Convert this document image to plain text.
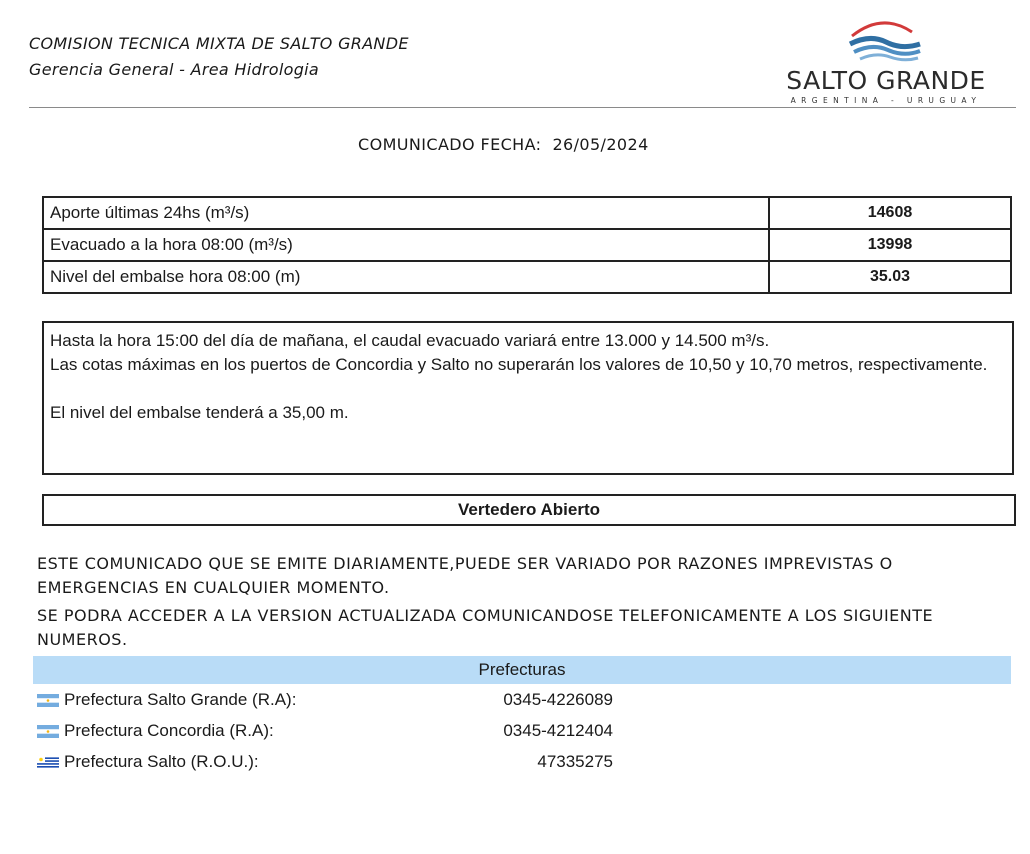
COMISION TECNICA MIXTA DE SALTO GRANDE
Gerencia General - Area Hidrologia	SALTO GRANDE
ARGENTINA - URUGUAY
COMUNICADO FECHA: 26/05/2024
Aporte últimas 24hs (m³/s)	14608
Evacuado a la hora 08:00 (m³/s)	13998
Nivel del embalse hora 08:00 (m)	35.03

Hasta la hora 15:00 del día de mañana, el caudal evacuado variará entre 13.000 y 14.500 m³/s.

Las cotas máximas en los puertos de Concordia y Salto no superarán los valores de 10,50 y 10,70 metros, respectivamente.

El nivel del embalse tenderá a 35,00 m.

Vertedero Abierto
ESTE COMUNICADO QUE SE EMITE DIARIAMENTE,PUEDE SER VARIADO POR RAZONES IMPREVISTAS O EMERGENCIAS EN CUALQUIER MOMENTO.
SE PODRA ACCEDER A LA VERSION ACTUALIZADA COMUNICANDOSE TELEFONICAMENTE A LOS SIGUIENTE NUMEROS.
Prefecturas
Prefectura Salto Grande (R.A):	0345-4226089
Prefectura Concordia (R.A):	0345-4212404
Prefectura Salto (R.O.U.):	47335275
